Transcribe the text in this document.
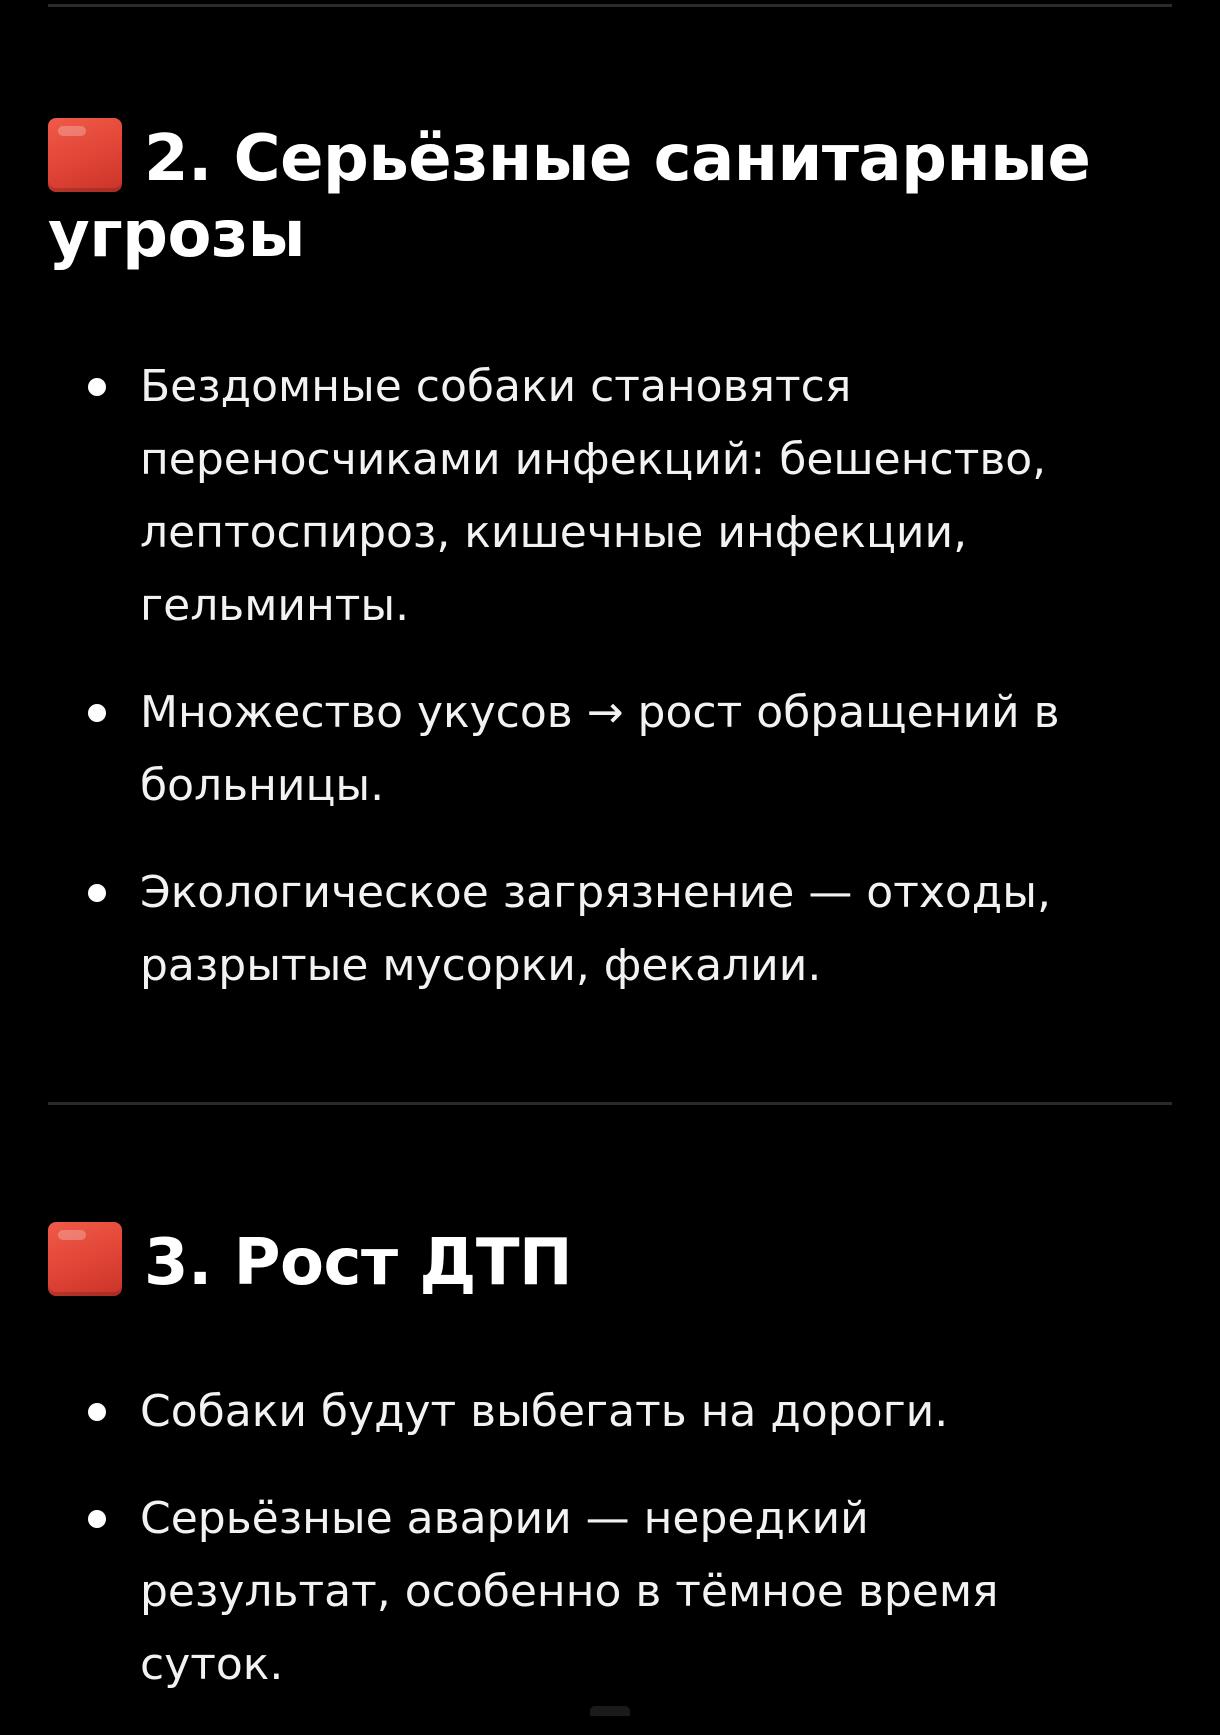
2. Серьёзные санитарные угрозы
Бездомные собаки становятся переносчиками инфекций: бешенство, лептоспироз, кишечные инфекции, гельминты.
Множество укусов → рост обращений в больницы.
Экологическое загрязнение — отходы, разрытые мусорки, фекалии.
3. Рост ДТП
Собаки будут выбегать на дороги.
Серьёзные аварии — нередкий результат, особенно в тёмное время суток.
